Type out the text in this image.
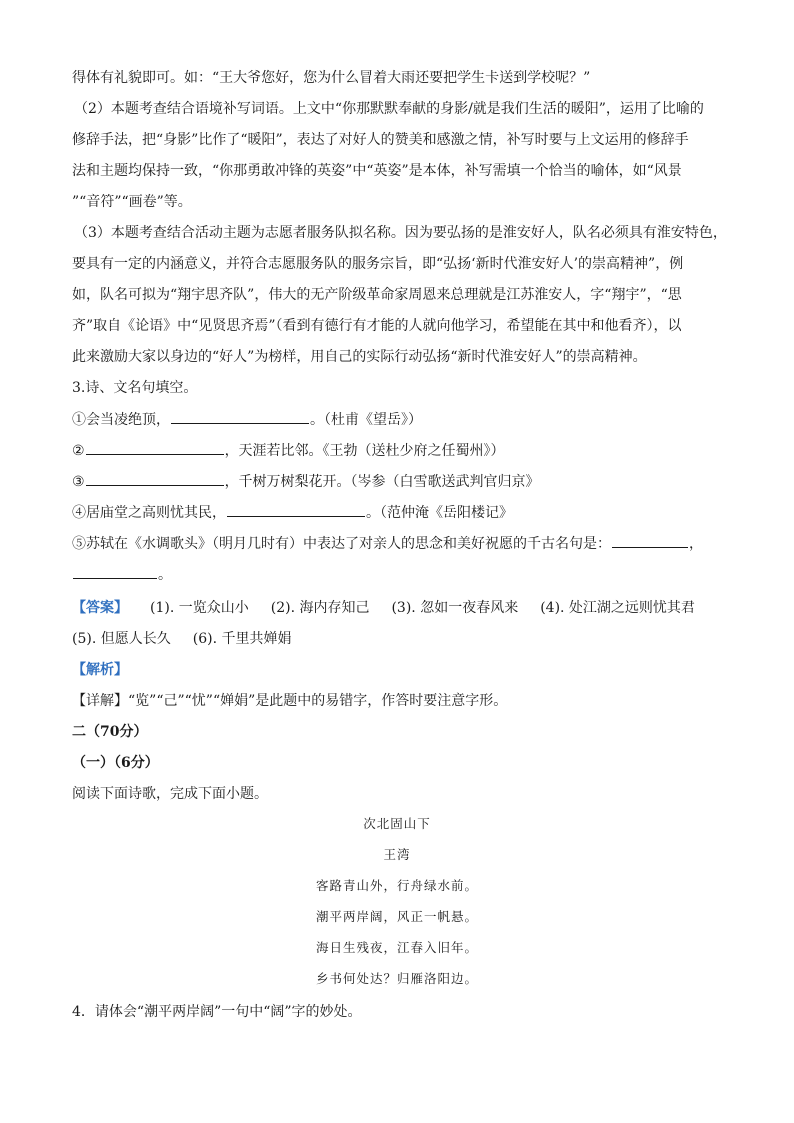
得体有礼貌即可。如：“王大爷您好，您为什么冒着大雨还要把学生卡送到学校呢？”
（2）本题考查结合语境补写词语。上文中“你那默默奉献的身影/就是我们生活的暖阳”，运用了比喻的
修辞手法，把“身影”比作了“暖阳”，表达了对好人的赞美和感激之情，补写时要与上文运用的修辞手
法和主题均保持一致，“你那勇敢冲锋的英姿”中“英姿”是本体，补写需填一个恰当的喻体，如“风景
”“音符”“画卷”等。
（3）本题考查结合活动主题为志愿者服务队拟名称。因为要弘扬的是淮安好人，队名必须具有淮安特色，
要具有一定的内涵意义，并符合志愿服务队的服务宗旨，即“弘扬‘新时代淮安好人’的崇高精神”，例
如，队名可拟为“翔宇思齐队”，伟大的无产阶级革命家周恩来总理就是江苏淮安人，字“翔宇”，“思
齐”取自《论语》中“见贤思齐焉”（看到有德行有才能的人就向他学习，希望能在其中和他看齐），以
此来激励大家以身边的“好人”为榜样，用自己的实际行动弘扬“新时代淮安好人”的崇高精神。
3.诗、文名句填空。
①会当凌绝顶，	。（杜甫《望岳》）
②	，天涯若比邻。《王勃（送杜少府之任蜀州》）
③	，千树万树梨花开。（岑参（白雪歌送武判官归京》
④居庙堂之高则忧其民，	。（范仲淹《岳阳楼记》
⑤苏轼在《水调歌头》（明月几时有）中表达了对亲人的思念和美好祝愿的千古名句是：	，
。
【答案】 (1). 一览众山小 (2). 海内存知己 (3). 忽如一夜春风来 (4). 处江湖之远则忧其君
(5). 但愿人长久 (6). 千里共婵娟
【解析】
【详解】“览”“己”“忧”“婵娟”是此题中的易错字，作答时要注意字形。
二（70分）
（一）（6分）
阅读下面诗歌，完成下面小题。
次北固山下
王湾
客路青山外，行舟绿水前。
潮平两岸阔，风正一帆悬。
海日生残夜，江春入旧年。
乡书何处达？归雁洛阳边。
4．请体会“潮平两岸阔”一句中“阔”字的妙处。
